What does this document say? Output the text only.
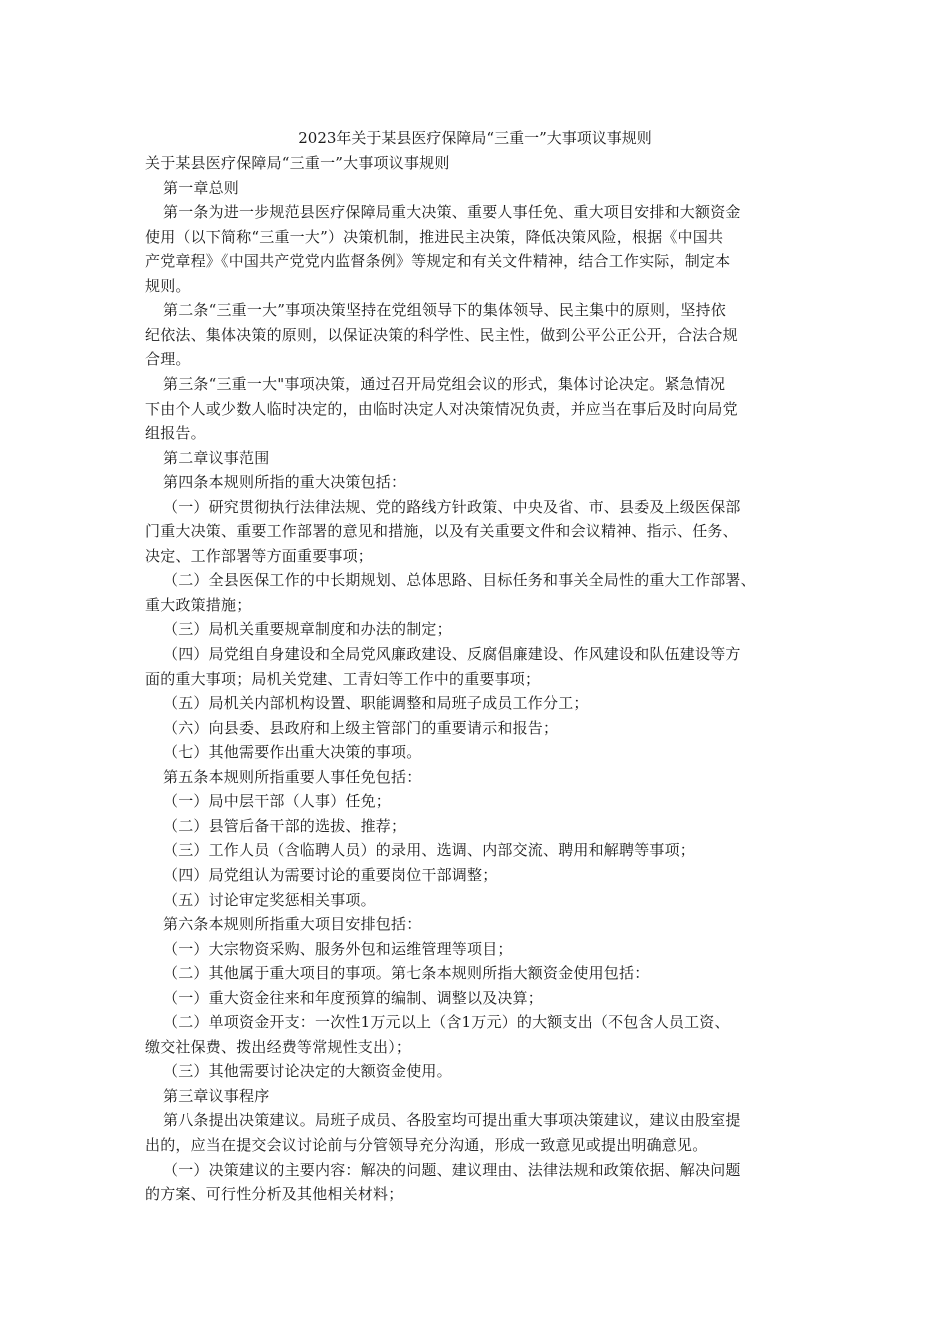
2023年关于某县医疗保障局“三重一”大事项议事规则
关于某县医疗保障局“三重一”大事项议事规则
第一章总则
第一条为进一步规范县医疗保障局重大决策、重要人事任免、重大项目安排和大额资金
使用（以下简称“三重一大”）决策机制，推进民主决策，降低决策风险，根据《中国共
产党章程》《中国共产党党内监督条例》等规定和有关文件精神，结合工作实际，制定本
规则。
第二条“三重一大”事项决策坚持在党组领导下的集体领导、民主集中的原则，坚持依
纪依法、集体决策的原则，以保证决策的科学性、民主性，做到公平公正公开，合法合规
合理。
第三条“三重一大"事项决策，通过召开局党组会议的形式，集体讨论决定。紧急情况
下由个人或少数人临时决定的，由临时决定人对决策情况负责，并应当在事后及时向局党
组报告。
第二章议事范围
第四条本规则所指的重大决策包括：
（一）研究贯彻执行法律法规、党的路线方针政策、中央及省、市、县委及上级医保部
门重大决策、重要工作部署的意见和措施，以及有关重要文件和会议精神、指示、任务、
决定、工作部署等方面重要事项；
（二）全县医保工作的中长期规划、总体思路、目标任务和事关全局性的重大工作部署、
重大政策措施；
（三）局机关重要规章制度和办法的制定；
（四）局党组自身建设和全局党风廉政建设、反腐倡廉建设、作风建设和队伍建设等方
面的重大事项；局机关党建、工青妇等工作中的重要事项；
（五）局机关内部机构设置、职能调整和局班子成员工作分工；
（六）向县委、县政府和上级主管部门的重要请示和报告；
（七）其他需要作出重大决策的事项。
第五条本规则所指重要人事任免包括：
（一）局中层干部（人事）任免；
（二）县管后备干部的选拔、推荐；
（三）工作人员（含临聘人员）的录用、选调、内部交流、聘用和解聘等事项；
（四）局党组认为需要讨论的重要岗位干部调整；
（五）讨论审定奖惩相关事项。
第六条本规则所指重大项目安排包括：
（一）大宗物资采购、服务外包和运维管理等项目；
（二）其他属于重大项目的事项。第七条本规则所指大额资金使用包括：
（一）重大资金往来和年度预算的编制、调整以及决算；
（二）单项资金开支：一次性1万元以上（含1万元）的大额支出（不包含人员工资、
缴交社保费、拨出经费等常规性支出）；
（三）其他需要讨论决定的大额资金使用。
第三章议事程序
第八条提出决策建议。局班子成员、各股室均可提出重大事项决策建议，建议由股室提
出的，应当在提交会议讨论前与分管领导充分沟通，形成一致意见或提出明确意见。
（一）决策建议的主要内容：解决的问题、建议理由、法律法规和政策依据、解决问题
的方案、可行性分析及其他相关材料；
